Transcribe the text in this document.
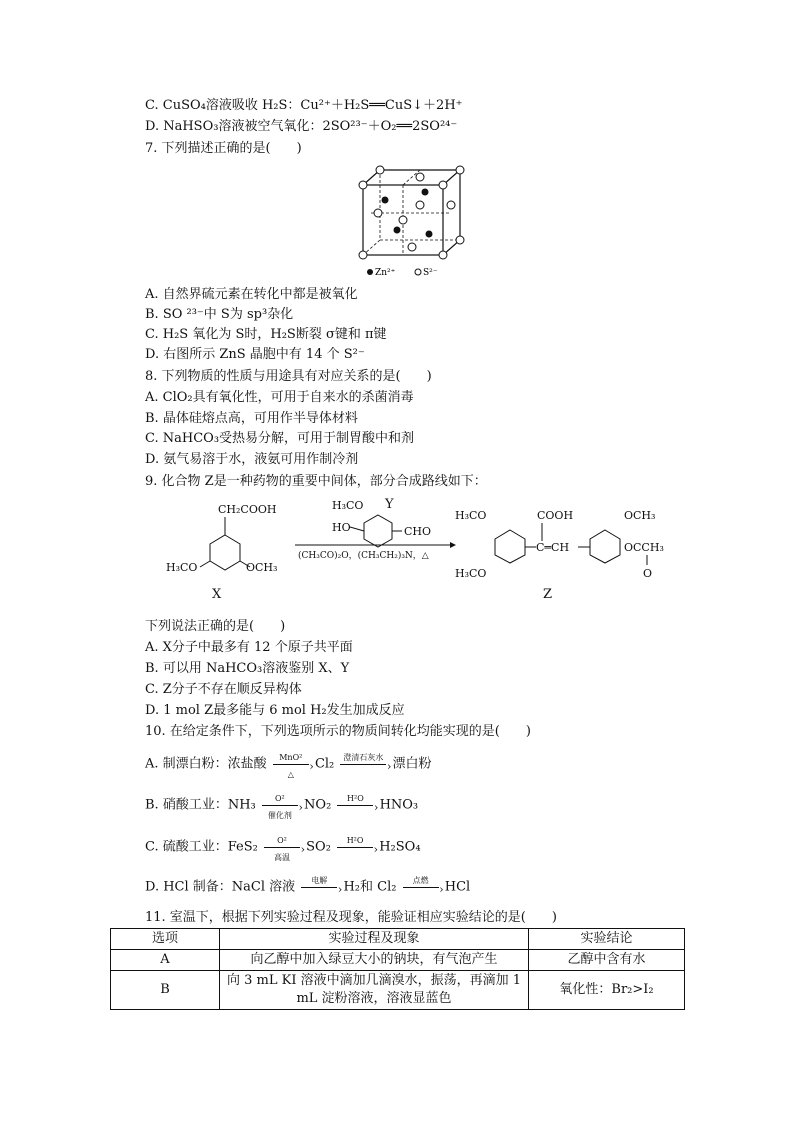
C. CuSO₄溶液吸收 H₂S：Cu²⁺＋H₂S══CuS↓＋2H⁺
D. NaHSO₃溶液被空气氧化：2SO²³⁻＋O₂══2SO²⁴⁻
7. 下列描述正确的是(　　)
Zn²⁺	S²⁻
A. 自然界硫元素在转化中都是被氧化
B. SO ²³⁻中 S为 sp³杂化
C. H₂S 氧化为 S时，H₂S断裂 σ键和 π键
D. 右图所示 ZnS 晶胞中有 14 个 S²⁻
8. 下列物质的性质与用途具有对应关系的是(　　)
A. ClO₂具有氧化性，可用于自来水的杀菌消毒
B. 晶体硅熔点高，可用作半导体材料
C. NaHCO₃受热易分解，可用于制胃酸中和剂
D. 氨气易溶于水，液氨可用作制冷剂
9. 化合物 Z是一种药物的重要中间体，部分合成路线如下：
CH₂COOH
H₃CO	OCH₃
H₃CO
HO	CHO
(CH₃CO)₂O，(CH₃CH₂)₃N，△
H₃CO
H₃CO
COOH
C═CH
OCH₃
OCCH₃
O
X
Y
Z
下列说法正确的是(　　)
A. X分子中最多有 12 个原子共平面
B. 可以用 NaHCO₃溶液鉴别 X、Y
C. Z分子不存在顺反异构体
D. 1 mol Z最多能与 6 mol H₂发生加成反应
10. 在给定条件下，下列选项所示的物质间转化均能实现的是(　　)
A. 制漂白粉：浓盐酸	MnO²
›
△
Cl₂	澄清石灰水
› 漂白粉
B. 硝酸工业：NH₃	O²
›
催化剂
NO₂	H²O
› HNO₃
C. 硫酸工业：FeS₂	O²
›
高温
SO₂	H²O
› H₂SO₄
D. HCl 制备：NaCl 溶液	电解
› H₂和 Cl₂	点燃
› HCl
11. 室温下，根据下列实验过程及现象，能验证相应实验结论的是(　　)
选项	实验过程及现象	实验结论
A	向乙醇中加入绿豆大小的钠块，有气泡产生	乙醇中含有水
B	向 3 mL KI 溶液中滴加几滴溴水，振荡，再滴加 1
mL 淀粉溶液，溶液显蓝色	氧化性：Br₂>I₂
